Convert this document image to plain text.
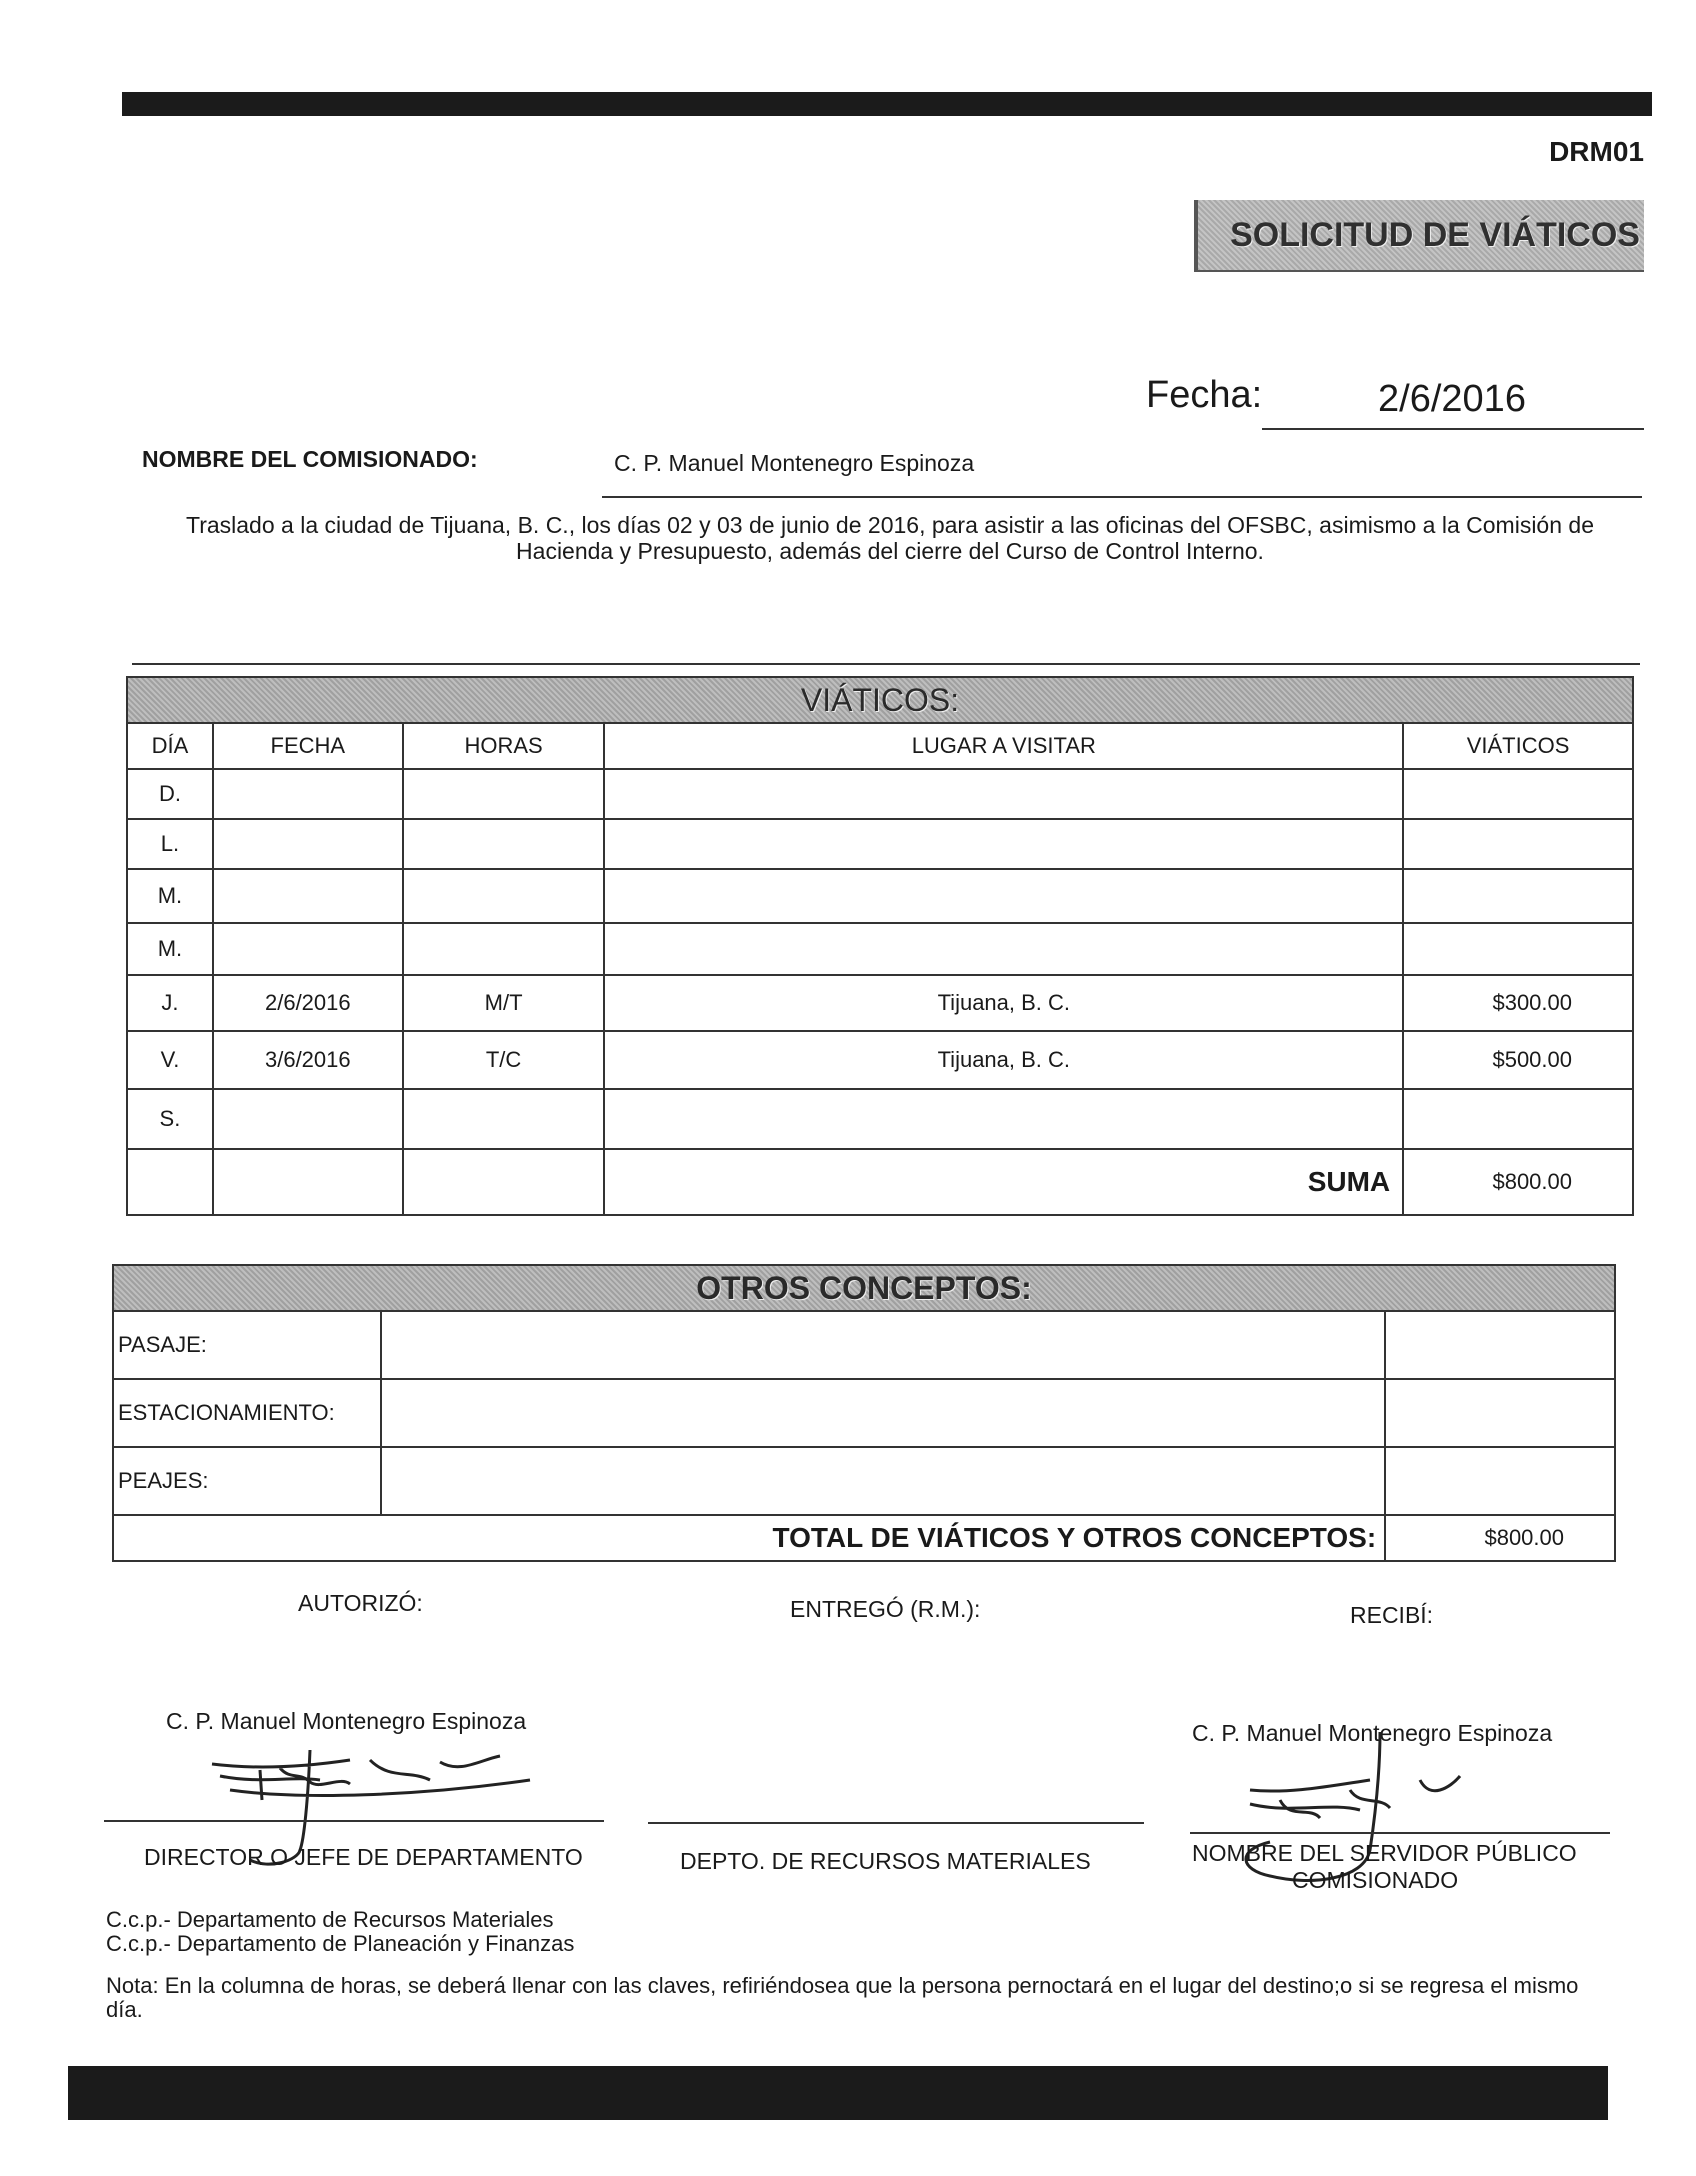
DRM01
SOLICITUD DE VIÁTICOS
Fecha:	2/6/2016
NOMBRE DEL COMISIONADO:	C. P. Manuel Montenegro Espinoza
Traslado a la ciudad de Tijuana, B. C., los días 02 y 03 de junio de 2016, para asistir a las oficinas del OFSBC, asimismo a la Comisión de Hacienda y Presupuesto, además del cierre del Curso de Control Interno.
VIÁTICOS:				
DÍA	FECHA	HORAS	LUGAR A VISITAR	VIÁTICOS
D.				
L.				
M.				
M.				
J.	2/6/2016	M/T	Tijuana, B. C.	$300.00
V.	3/6/2016	T/C	Tijuana, B. C.	$500.00
S.				
			SUMA	$800.00
OTROS CONCEPTOS:		
PASAJE:		
ESTACIONAMIENTO:		
PEAJES:		
TOTAL DE VIÁTICOS Y OTROS CONCEPTOS:		$800.00
AUTORIZÓ:	ENTREGÓ (R.M.):	RECIBÍ:
C. P. Manuel Montenegro Espinoza	C. P. Manuel Montenegro Espinoza
DIRECTOR O JEFE DE DEPARTAMENTO	DEPTO. DE RECURSOS MATERIALES	NOMBRE DEL SERVIDOR PÚBLICO
COMISIONADO
C.c.p.- Departamento de Recursos Materiales
C.c.p.- Departamento de Planeación y Finanzas
Nota: En la columna de horas, se deberá llenar con las claves, refiriéndosea que la persona pernoctará en el lugar del destino;o si se regresa el mismo día.
